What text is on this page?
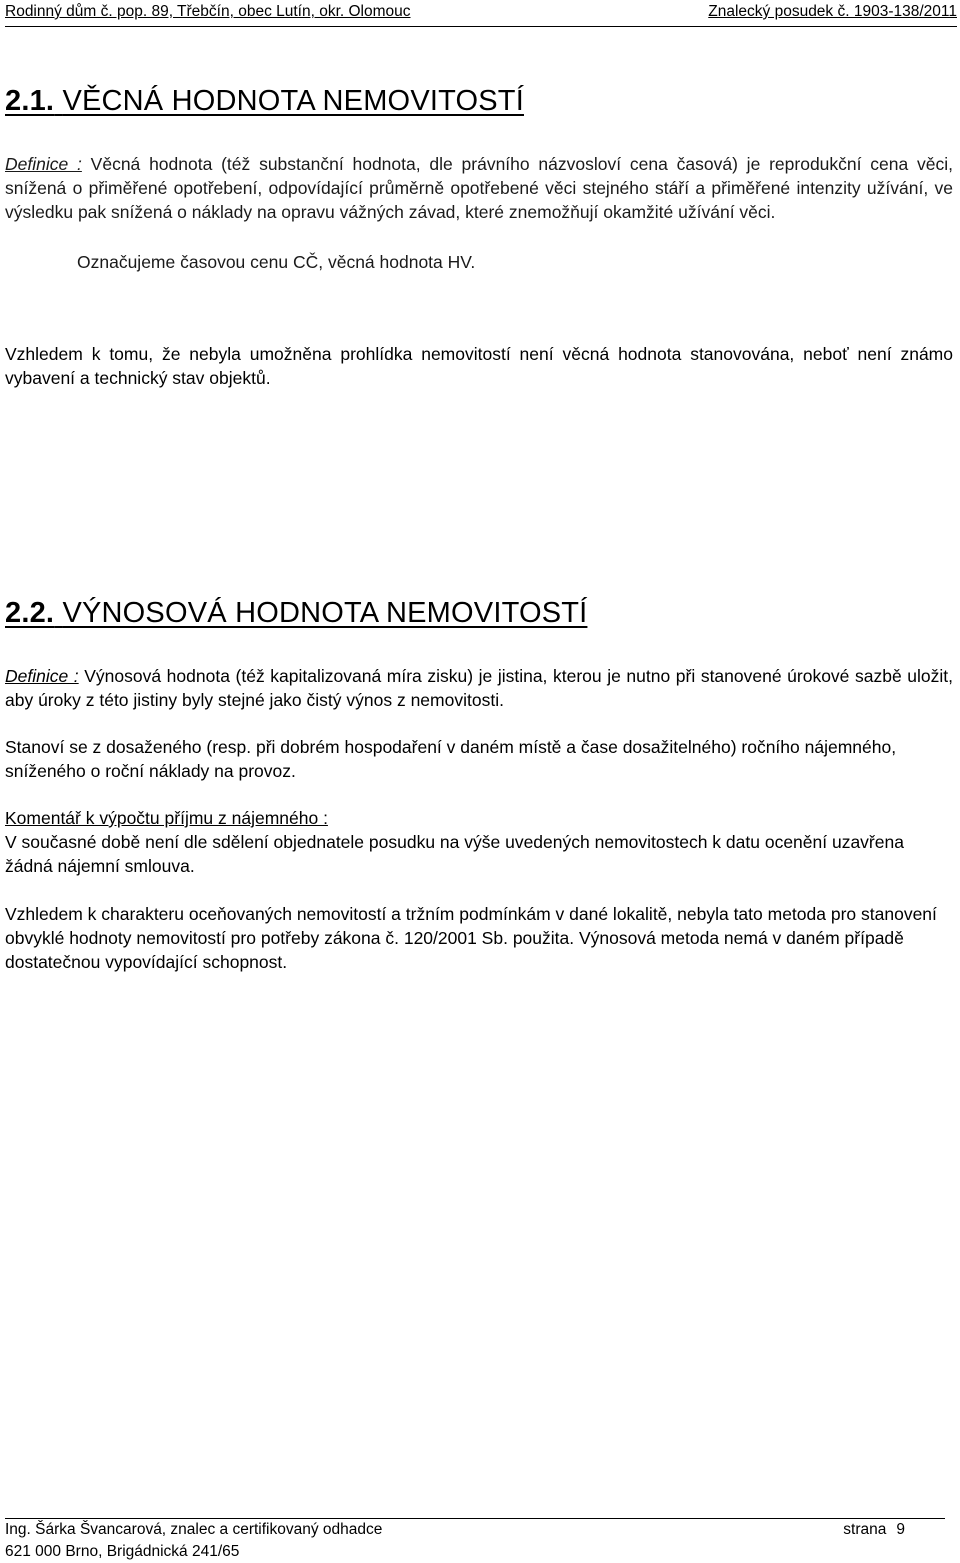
Rodinný dům č. pop. 89, Třebčín, obec Lutín, okr. Olomouc	Znalecký posudek č. 1903-138/2011
2.1. VĚCNÁ HODNOTA NEMOVITOSTÍ
Definice : Věcná hodnota (též substanční hodnota, dle právního názvosloví cena časová) je reprodukční cena věci, snížená o přiměřené opotřebení, odpovídající průměrně opotřebené věci stejného stáří a přiměřené intenzity užívání, ve výsledku pak snížená o náklady na opravu vážných závad, které znemožňují okamžité užívání věci.
Označujeme časovou cenu CČ, věcná hodnota HV.
Vzhledem k tomu, že nebyla umožněna prohlídka nemovitostí není věcná hodnota stanovována, neboť není známo vybavení a technický stav objektů.
2.2. VÝNOSOVÁ HODNOTA NEMOVITOSTÍ
Definice : Výnosová hodnota (též kapitalizovaná míra zisku) je jistina, kterou je nutno při stanovené úrokové sazbě uložit, aby úroky z této jistiny byly stejné jako čistý výnos z nemovitosti.
Stanoví se z dosaženého (resp. při dobrém hospodaření v daném místě a čase dosažitelného) ročního nájemného, sníženého o roční náklady na provoz.
Komentář k výpočtu příjmu z nájemného :
V současné době není dle sdělení objednatele posudku na výše uvedených nemovitostech k datu ocenění uzavřena žádná nájemní smlouva.
Vzhledem k charakteru oceňovaných nemovitostí a tržním podmínkám v dané lokalitě, nebyla tato metoda pro stanovení obvyklé hodnoty nemovitostí pro potřeby zákona č. 120/2001 Sb. použita. Výnosová metoda nemá v daném případě dostatečnou vypovídající schopnost.
Ing. Šárka Švancarová, znalec a certifikovaný odhadce
621 000 Brno, Brigádnická 241/65
strana 9
